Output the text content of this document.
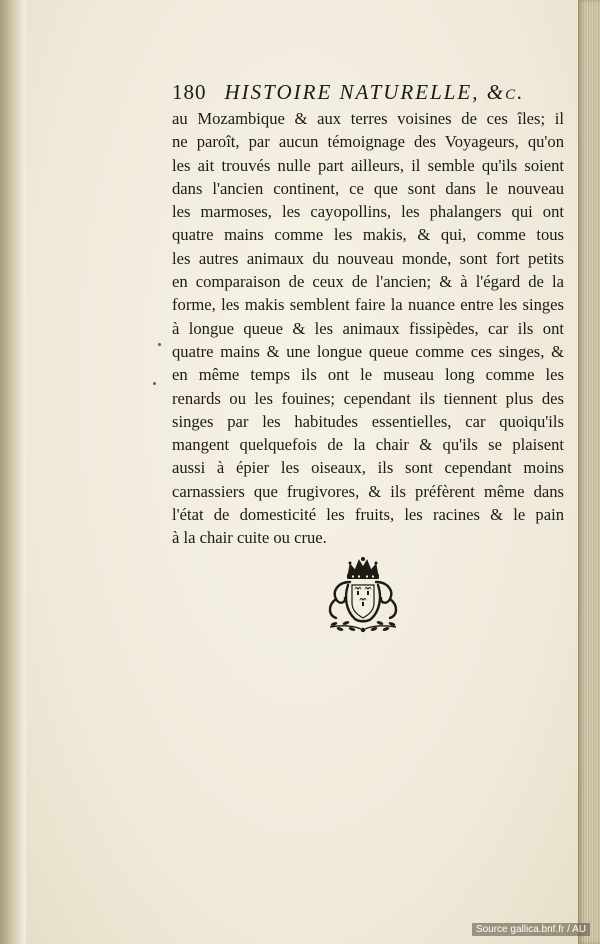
180 HISTOIRE NATURELLE, &c.
au Mozambique & aux terres voisines de ces îles; il
ne paroît, par aucun témoignage des Voyageurs, qu'on
les ait trouvés nulle part ailleurs, il semble qu'ils soient
dans l'ancien continent, ce que sont dans le nouveau
les marmoses, les cayopollins, les phalangers qui ont
quatre mains comme les makis, & qui, comme tous
les autres animaux du nouveau monde, sont fort petits
en comparaison de ceux de l'ancien; & à l'égard de la
forme, les makis semblent faire la nuance entre les singes
à longue queue & les animaux fissipèdes, car ils ont
quatre mains & une longue queue comme ces singes, &
en même temps ils ont le museau long comme les
renards ou les fouines; cependant ils tiennent plus des
singes par les habitudes essentielles, car quoiqu'ils
mangent quelquefois de la chair & qu'ils se plaisent
aussi à épier les oiseaux, ils sont cependant moins
carnassiers que frugivores, & ils préfèrent même dans
l'état de domesticité les fruits, les racines & le pain
à la chair cuite ou crue.
Source gallica.bnf.fr / AU
